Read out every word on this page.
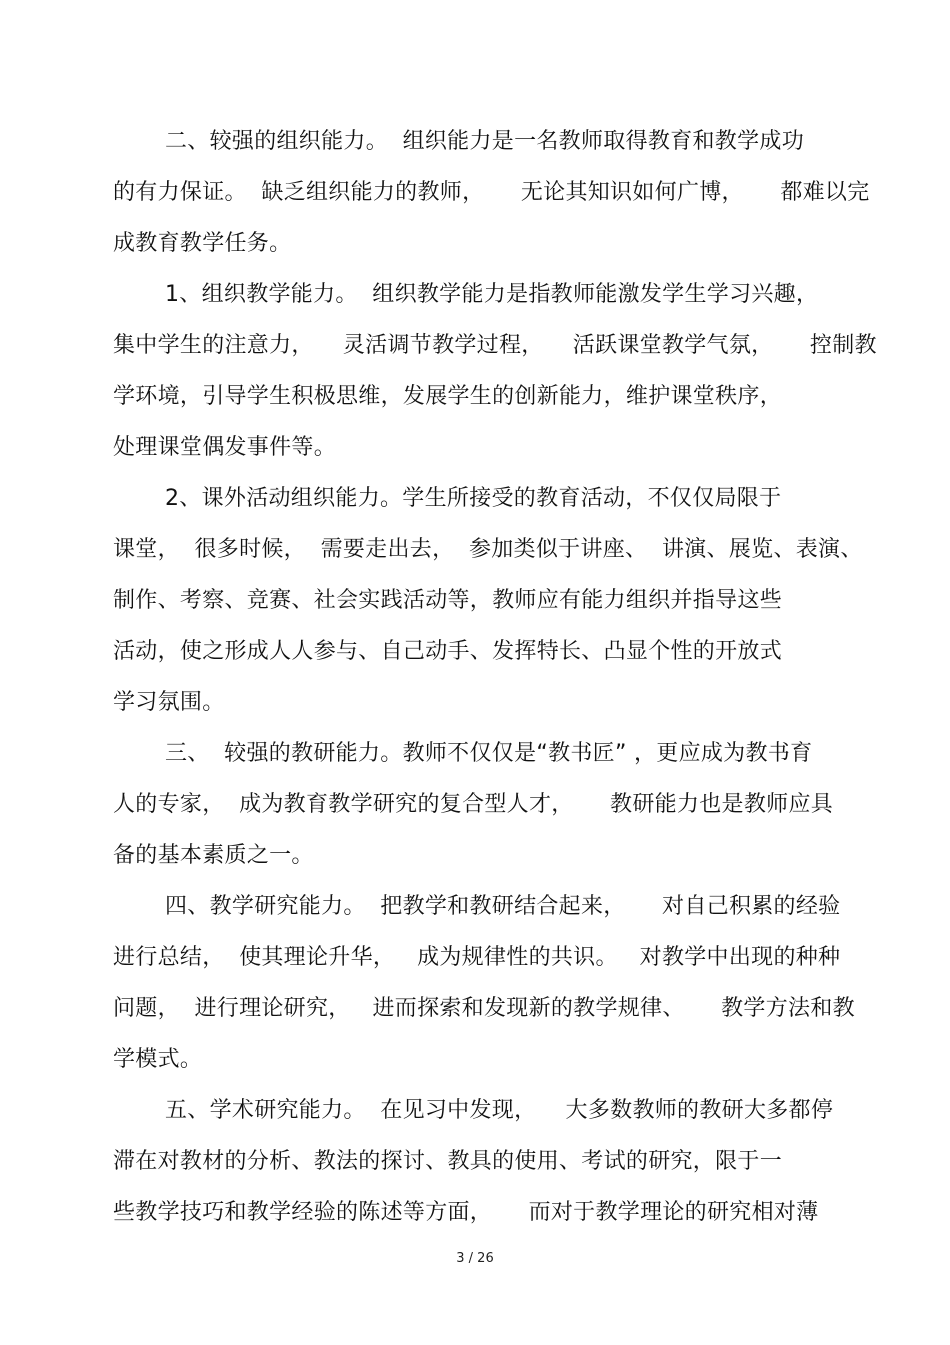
二、较强的组织能力。  组织能力是一名教师取得教育和教学成功
的有力保证。  缺乏组织能力的教师，     无论其知识如何广博，     都难以完
成教育教学任务。
1、组织教学能力。  组织教学能力是指教师能激发学生学习兴趣，
集中学生的注意力，    灵活调节教学过程，    活跃课堂教学气氛，     控制教
学环境，引导学生积极思维，发展学生的创新能力，维护课堂秩序，
处理课堂偶发事件等。
2、课外活动组织能力。学生所接受的教育活动，不仅仅局限于
课堂，  很多时候，  需要走出去，  参加类似于讲座、  讲演、展览、表演、
制作、考察、竞赛、社会实践活动等，教师应有能力组织并指导这些
活动，使之形成人人参与、自己动手、发挥特长、凸显个性的开放式
学习氛围。
三、  较强的教研能力。教师不仅仅是“教书匠” ，更应成为教书育
人的专家，  成为教育教学研究的复合型人才，     教研能力也是教师应具
备的基本素质之一。
四、教学研究能力。  把教学和教研结合起来，     对自己积累的经验
进行总结，  使其理论升华，   成为规律性的共识。   对教学中出现的种种
问题，  进行理论研究，   进而探索和发现新的教学规律、     教学方法和教
学模式。
五、学术研究能力。  在见习中发现，    大多数教师的教研大多都停
滞在对教材的分析、教法的探讨、教具的使用、考试的研究，限于一
些教学技巧和教学经验的陈述等方面，     而对于教学理论的研究相对薄
3 / 26
